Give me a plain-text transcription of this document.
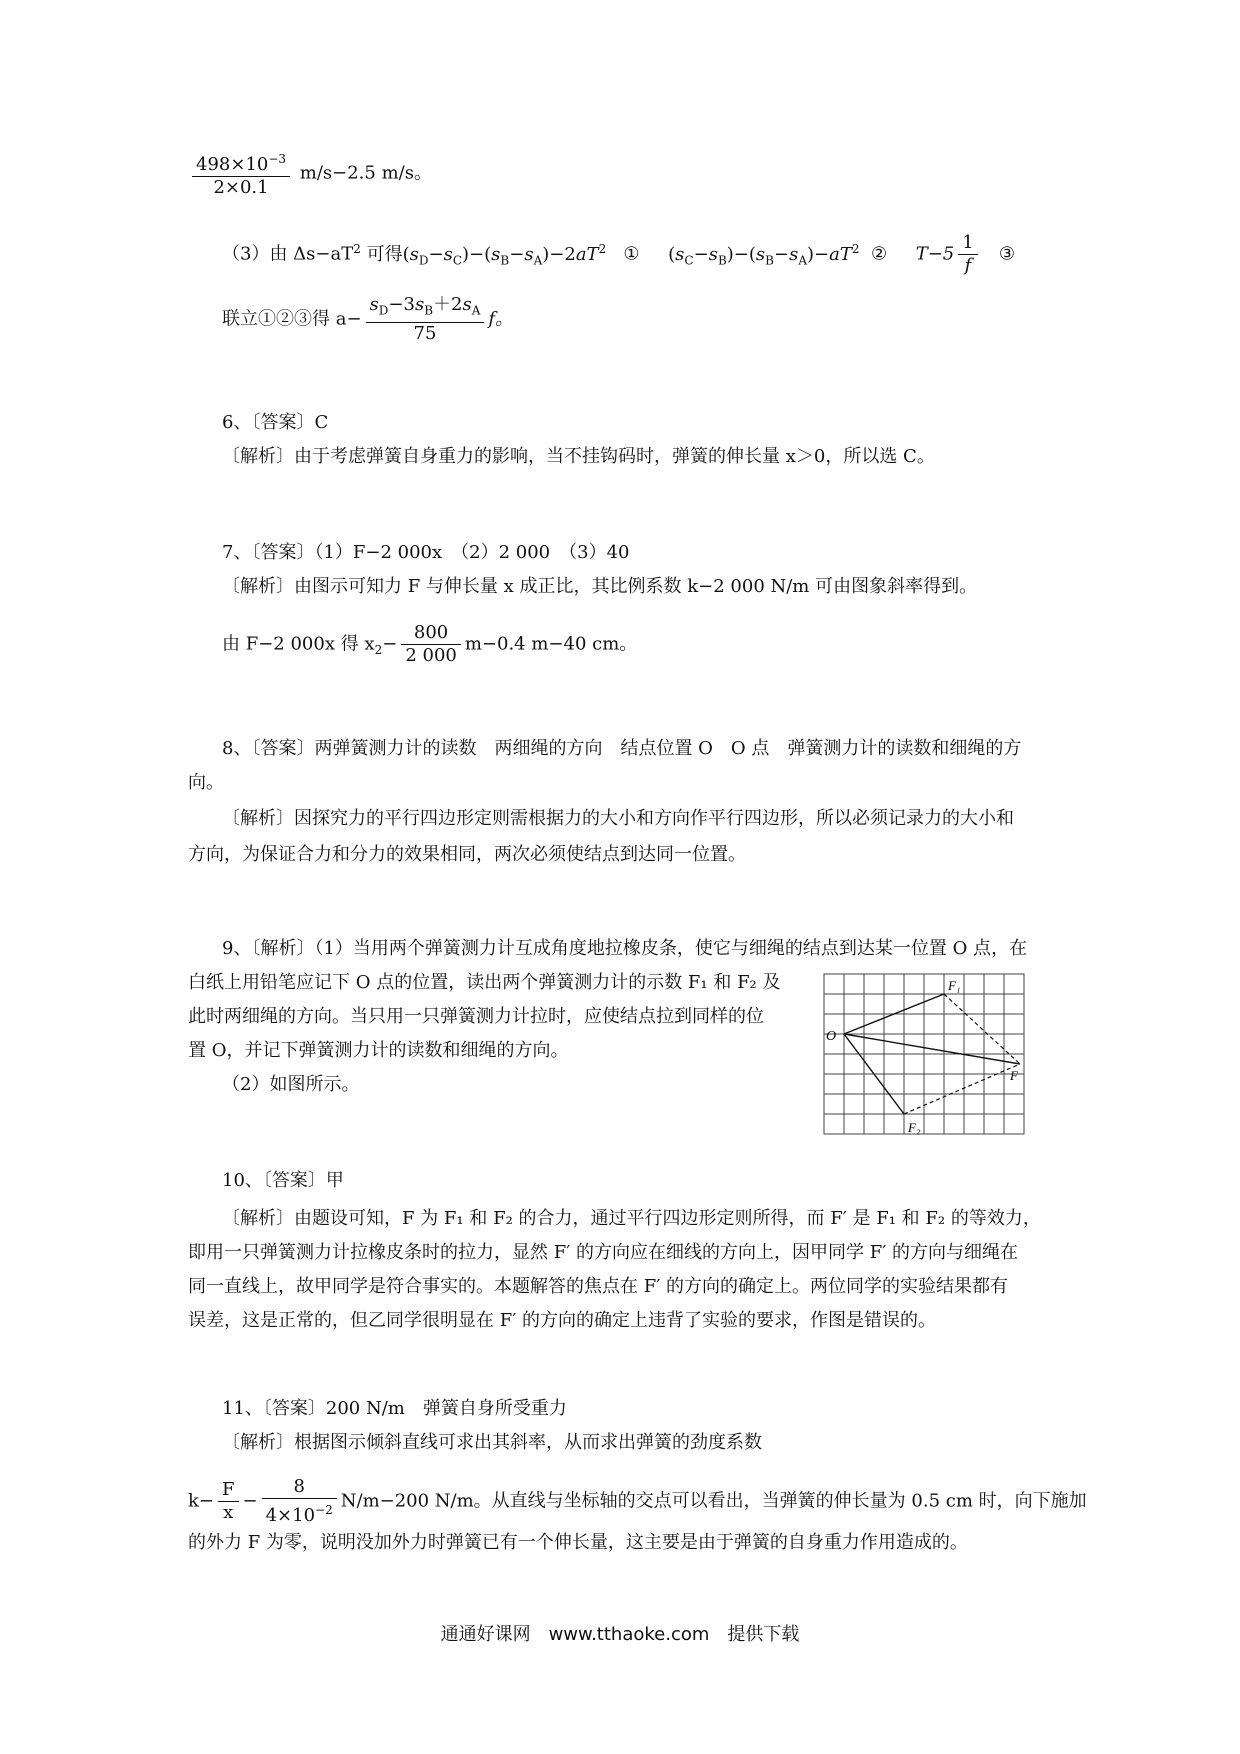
$\frac{498\times 10^{-3}}{2\times 0.1} m/s-2.5$ m/s。
（3）由 $\Delta s-aT^2$ 可得$(s_D-s_C)-(s_B-s_A)-2aT^2$ ① $(s_C-s_B)-(s_B-s_A)-aT^2$ ② $T-5 \frac{1}{f}$ ③
联立①②③得 $a- \frac{s_D-3s_B+2s_A}{75}$ f。
6、〔答案〕C
〔解析〕由于考虑弹簧自身重力的影响，当不挂钩码时，弹簧的伸长量 x＞0，所以选 C。
7、〔答案〕（1）F−2 000x　（2）2 000　（3）40
〔解析〕由图示可知力 F 与伸长量 x 成正比，其比例系数 k−2 000 N/m 可由图象斜率得到。
由 F−2 000x 得 $x_2- \frac{800}{2 000} m-0.4$ m−40 cm。
8、〔答案〕两弹簧测力计的读数　两细绳的方向　结点位置 O　O 点　弹簧测力计的读数和细绳的方
向。
〔解析〕因探究力的平行四边形定则需根据力的大小和方向作平行四边形，所以必须记录力的大小和
方向，为保证合力和分力的效果相同，两次必须使结点到达同一位置。
9、〔解析〕（1）当用两个弹簧测力计互成角度地拉橡皮条，使它与细绳的结点到达某一位置 O 点，在
白纸上用铅笔应记下 O 点的位置，读出两个弹簧测力计的示数 F₁ 和 F₂ 及
此时两细绳的方向。当只用一只弹簧测力计拉时，应使结点拉到同样的位
置 O，并记下弹簧测力计的读数和细绳的方向。
（2）如图所示。
O
F₁
F₂
F
10、〔答案〕甲
〔解析〕由题设可知，F 为 F₁ 和 F₂ 的合力，通过平行四边形定则所得，而 F′ 是 F₁ 和 F₂ 的等效力，
即用一只弹簧测力计拉橡皮条时的拉力，显然 F′ 的方向应在细线的方向上，因甲同学 F′ 的方向与细绳在
同一直线上，故甲同学是符合事实的。本题解答的焦点在 F′ 的方向的确定上。两位同学的实验结果都有
误差，这是正常的，但乙同学很明显在 F′ 的方向的确定上违背了实验的要求，作图是错误的。
11、〔答案〕200 N/m　弹簧自身所受重力
〔解析〕根据图示倾斜直线可求出其斜率，从而求出弹簧的劲度系数
$k- \frac{F}{x} - \frac{8}{4\times 10^{-2}} N/m-200$ N/m。从直线与坐标轴的交点可以看出，当弹簧的伸长量为 0.5 cm 时，向下施加
的外力 F 为零，说明没加外力时弹簧已有一个伸长量，这主要是由于弹簧的自身重力作用造成的。
通通好课网　www.tthaoke.com　提供下载
